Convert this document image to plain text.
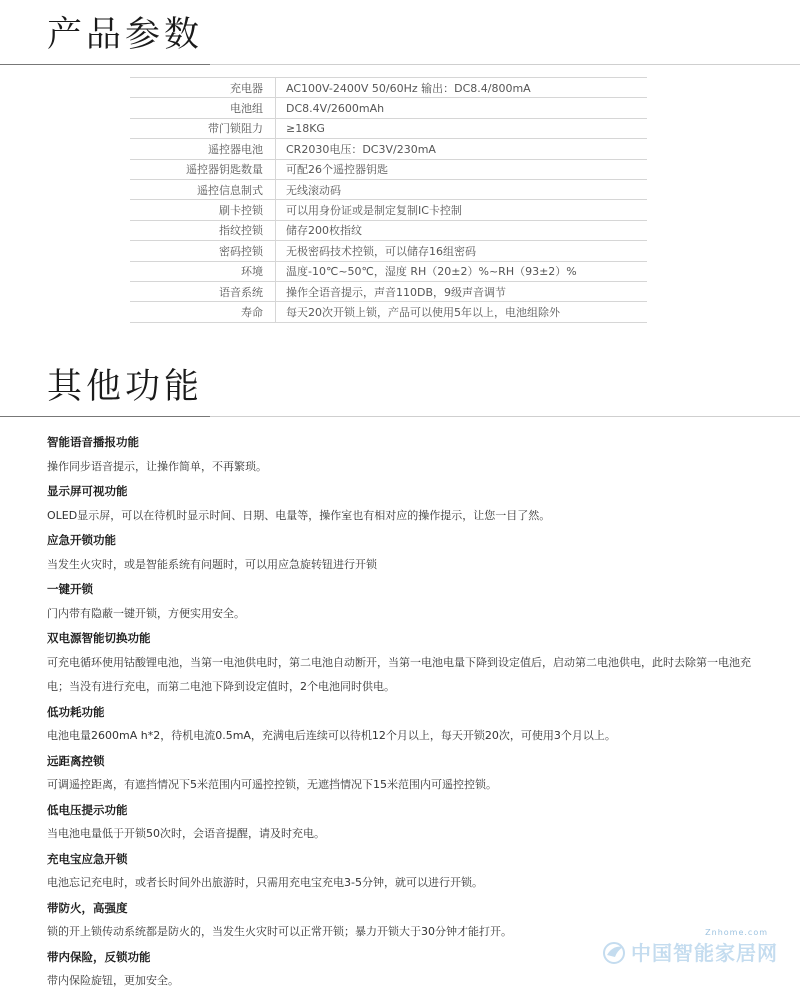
产品参数
充电器	AC100V-2400V 50/60Hz 输出：DC8.4/800mA
电池组	DC8.4V/2600mAh
带门锁阻力	≥18KG
遥控器电池	CR2030电压：DC3V/230mA
遥控器钥匙数量	可配26个遥控器钥匙
遥控信息制式	无线滚动码
刷卡控锁	可以用身份证或是制定复制IC卡控制
指纹控锁	储存200枚指纹
密码控锁	无极密码技术控锁，可以储存16组密码
环境	温度-10℃~50℃，湿度 RH（20±2）%~RH（93±2）%
语音系统	操作全语音提示，声音110DB，9级声音调节
寿命	每天20次开锁上锁，产品可以使用5年以上，电池组除外
其他功能
智能语音播报功能
操作同步语音提示，让操作简单，不再繁琐。
显示屏可视功能
OLED显示屏，可以在待机时显示时间、日期、电量等，操作室也有相对应的操作提示，让您一目了然。
应急开锁功能
当发生火灾时，或是智能系统有问题时，可以用应急旋转钮进行开锁
一键开锁
门内带有隐蔽一键开锁，方便实用安全。
双电源智能切换功能
可充电循环使用钴酸锂电池，当第一电池供电时，第二电池自动断开，当第一电池电量下降到设定值后，启动第二电池供电，此时去除第一电池充电；当没有进行充电，而第二电池下降到设定值时，2个电池同时供电。
低功耗功能
电池电量2600mA h*2，待机电流0.5mA，充满电后连续可以待机12个月以上，每天开锁20次，可使用3个月以上。
远距离控锁
可调遥控距离，有遮挡情况下5米范围内可遥控控锁，无遮挡情况下15米范围内可遥控控锁。
低电压提示功能
当电池电量低于开锁50次时，会语音提醒，请及时充电。
充电宝应急开锁
电池忘记充电时，或者长时间外出旅游时，只需用充电宝充电3-5分钟，就可以进行开锁。
带防火，高强度
锁的开上锁传动系统都是防火的，当发生火灾时可以正常开锁；暴力开锁大于30分钟才能打开。
带内保险，反锁功能
带内保险旋钮，更加安全。
Znhome.com
中国智能家居网
